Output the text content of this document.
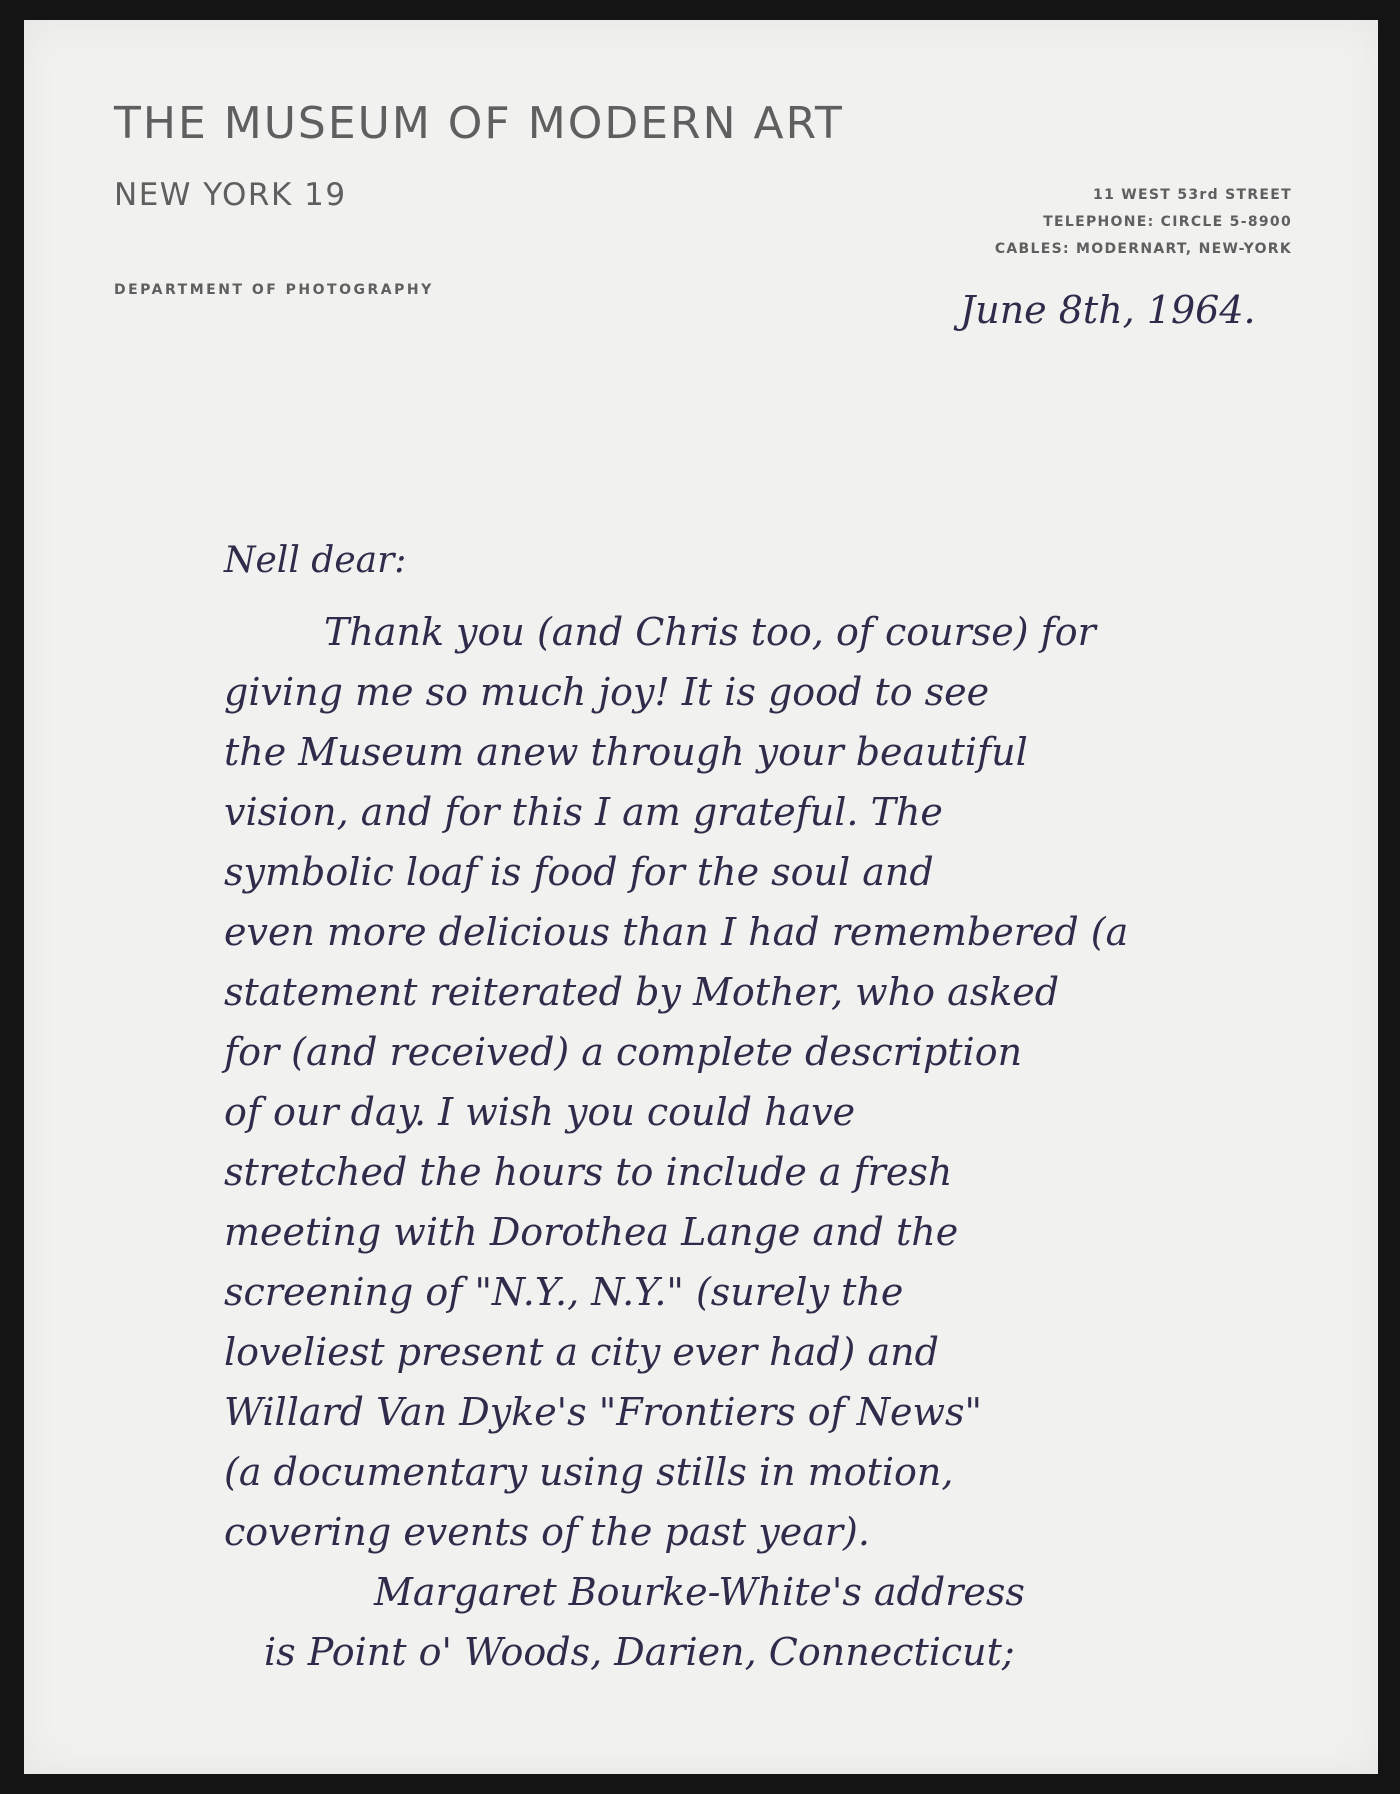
THE MUSEUM OF MODERN ART
NEW YORK 19
DEPARTMENT OF PHOTOGRAPHY
11 WEST 53rd STREET
TELEPHONE: CIRCLE 5-8900
CABLES: MODERNART, NEW-YORK
June 8th, 1964.
Nell dear:
Thank you (and Chris too, of course) for
giving me so much joy! It is good to see
the Museum anew through your beautiful
vision, and for this I am grateful. The
symbolic loaf is food for the soul and
even more delicious than I had remembered (a
statement reiterated by Mother, who asked
for (and received) a complete description
of our day. I wish you could have
stretched the hours to include a fresh
meeting with Dorothea Lange and the
screening of "N.Y., N.Y." (surely the
loveliest present a city ever had) and
Willard Van Dyke's "Frontiers of News"
(a documentary using stills in motion,
covering events of the past year).
Margaret Bourke-White's address
is Point o' Woods, Darien, Connecticut;
